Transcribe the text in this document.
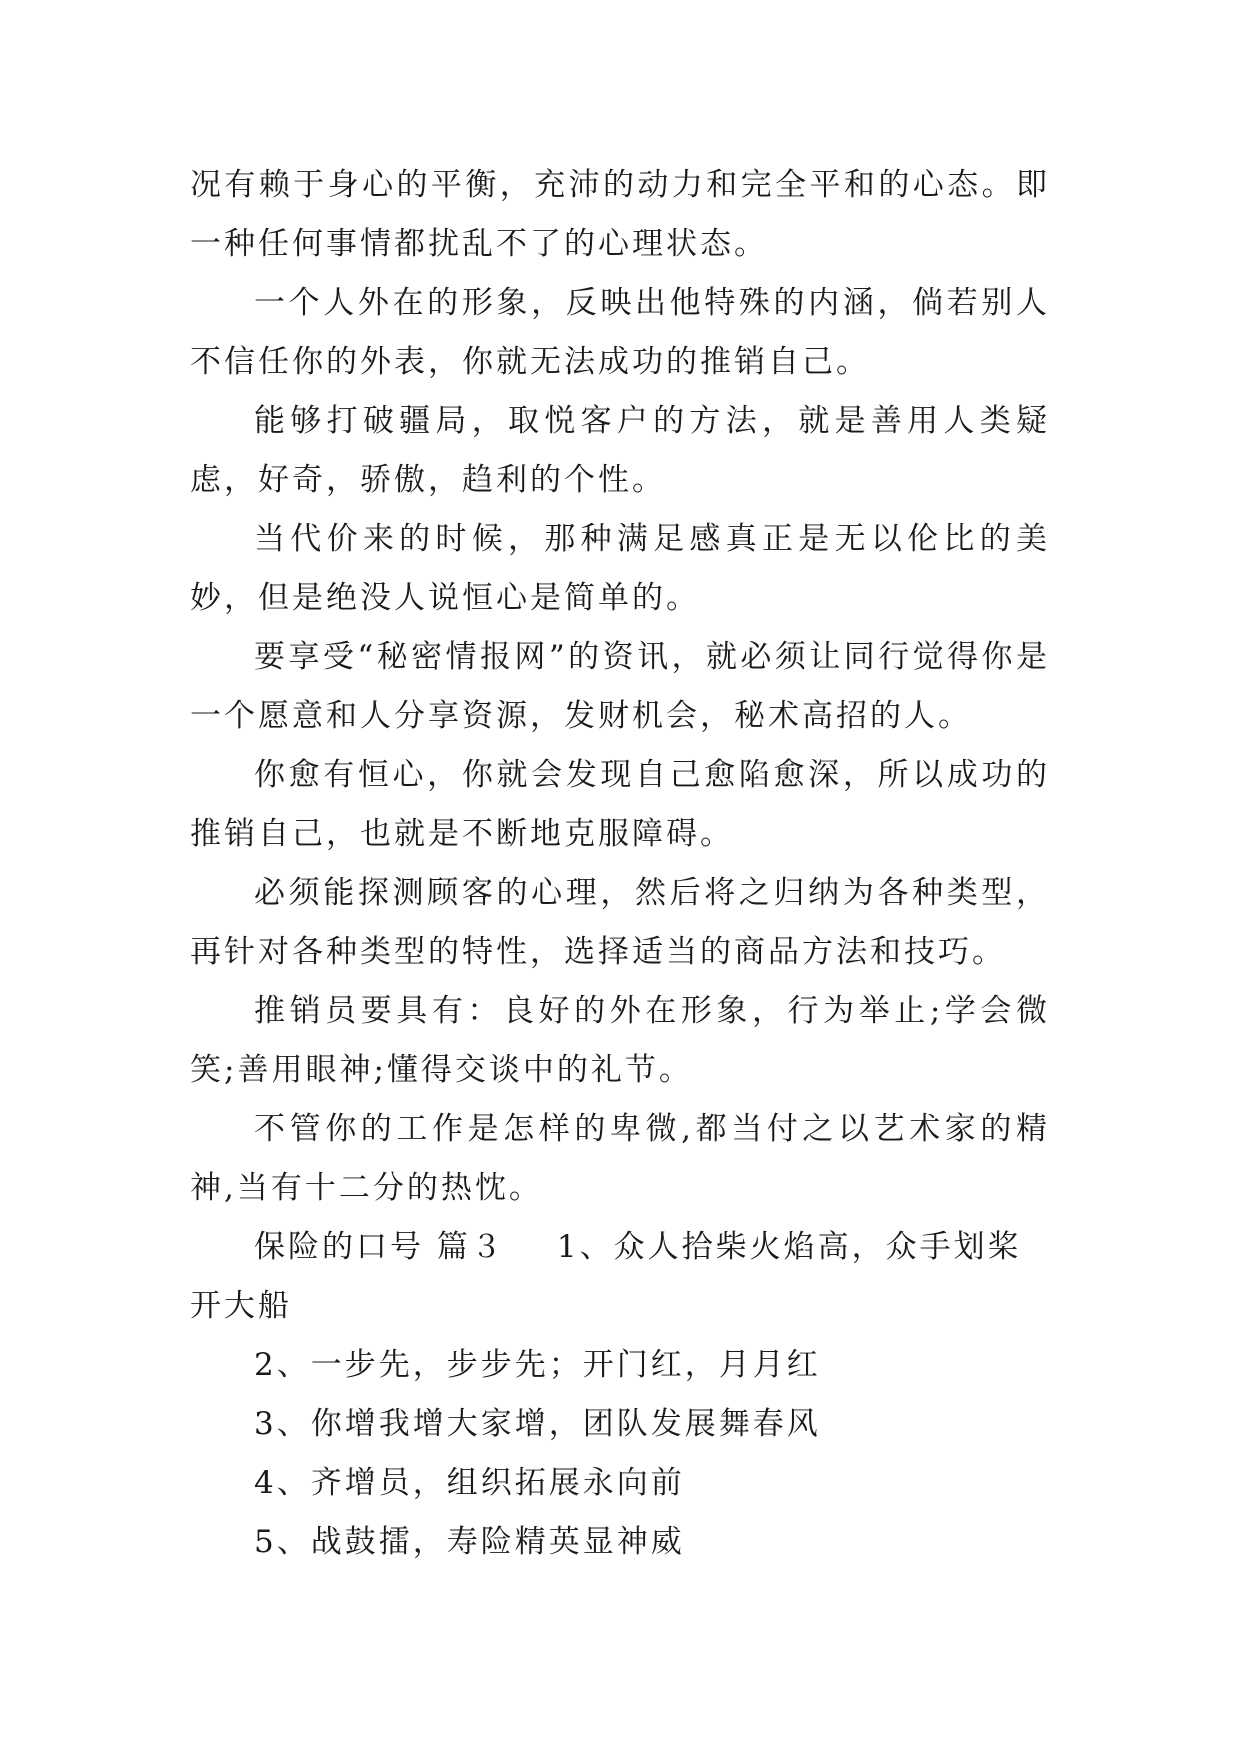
况有赖于身心的平衡，充沛的动力和完全平和的心态。即一种任何事情都扰乱不了的心理状态。

一个人外在的形象，反映出他特殊的内涵，倘若别人不信任你的外表，你就无法成功的推销自己。

能够打破疆局，取悦客户的方法，就是善用人类疑虑，好奇，骄傲，趋利的个性。

当代价来的时候，那种满足感真正是无以伦比的美妙，但是绝没人说恒心是简单的。

要享受“秘密情报网”的资讯，就必须让同行觉得你是一个愿意和人分享资源，发财机会，秘术高招的人。

你愈有恒心，你就会发现自己愈陷愈深，所以成功的推销自己，也就是不断地克服障碍。

必须能探测顾客的心理，然后将之归纳为各种类型，再针对各种类型的特性，选择适当的商品方法和技巧。

推销员要具有：良好的外在形象，行为举止;学会微笑;善用眼神;懂得交谈中的礼节。

不管你的工作是怎样的卑微,都当付之以艺术家的精神,当有十二分的热忱。

保险的口号 篇３ 1、众人拾柴火焰高，众手划桨开大船

2、一步先，步步先；开门红，月月红

3、你增我增大家增，团队发展舞春风

4、齐增员，组织拓展永向前

5、战鼓擂，寿险精英显神威
